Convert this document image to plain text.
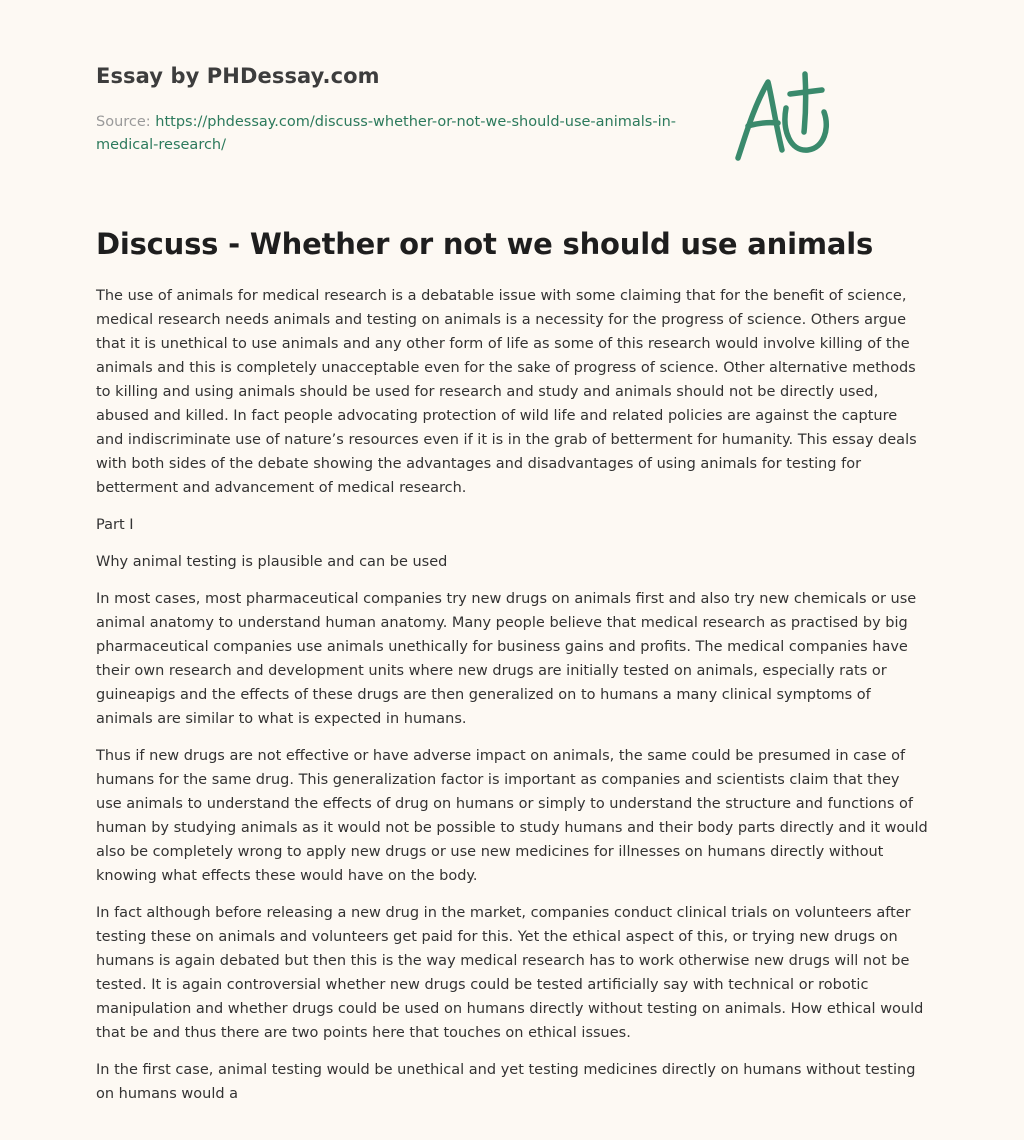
Essay by PHDessay.com

Source: https://phdessay.com/discuss-whether-or-not-we-should-use-animals-in-medical-research/

Discuss - Whether or not we should use animals

The use of animals for medical research is a debatable issue with some claiming that for the benefit of science, medical research needs animals and testing on animals is a necessity for the progress of science. Others argue that it is unethical to use animals and any other form of life as some of this research would involve killing of the animals and this is completely unacceptable even for the sake of progress of science. Other alternative methods to killing and using animals should be used for research and study and animals should not be directly used, abused and killed. In fact people advocating protection of wild life and related policies are against the capture and indiscriminate use of nature’s resources even if it is in the grab of betterment for humanity. This essay deals with both sides of the debate showing the advantages and disadvantages of using animals for testing for betterment and advancement of medical research.

Part I

Why animal testing is plausible and can be used

In most cases, most pharmaceutical companies try new drugs on animals first and also try new chemicals or use animal anatomy to understand human anatomy. Many people believe that medical research as practised by big pharmaceutical companies use animals unethically for business gains and profits. The medical companies have their own research and development units where new drugs are initially tested on animals, especially rats or guineapigs and the effects of these drugs are then generalized on to humans a many clinical symptoms of animals are similar to what is expected in humans.

Thus if new drugs are not effective or have adverse impact on animals, the same could be presumed in case of humans for the same drug. This generalization factor is important as companies and scientists claim that they use animals to understand the effects of drug on humans or simply to understand the structure and functions of human by studying animals as it would not be possible to study humans and their body parts directly and it would also be completely wrong to apply new drugs or use new medicines for illnesses on humans directly without knowing what effects these would have on the body.

In fact although before releasing a new drug in the market, companies conduct clinical trials on volunteers after testing these on animals and volunteers get paid for this. Yet the ethical aspect of this, or trying new drugs on humans is again debated but then this is the way medical research has to work otherwise new drugs will not be tested. It is again controversial whether new drugs could be tested artificially say with technical or robotic manipulation and whether drugs could be used on humans directly without testing on animals. How ethical would that be and thus there are two points here that touches on ethical issues.

In the first case, animal testing would be unethical and yet testing medicines directly on humans without testing on humans would a
